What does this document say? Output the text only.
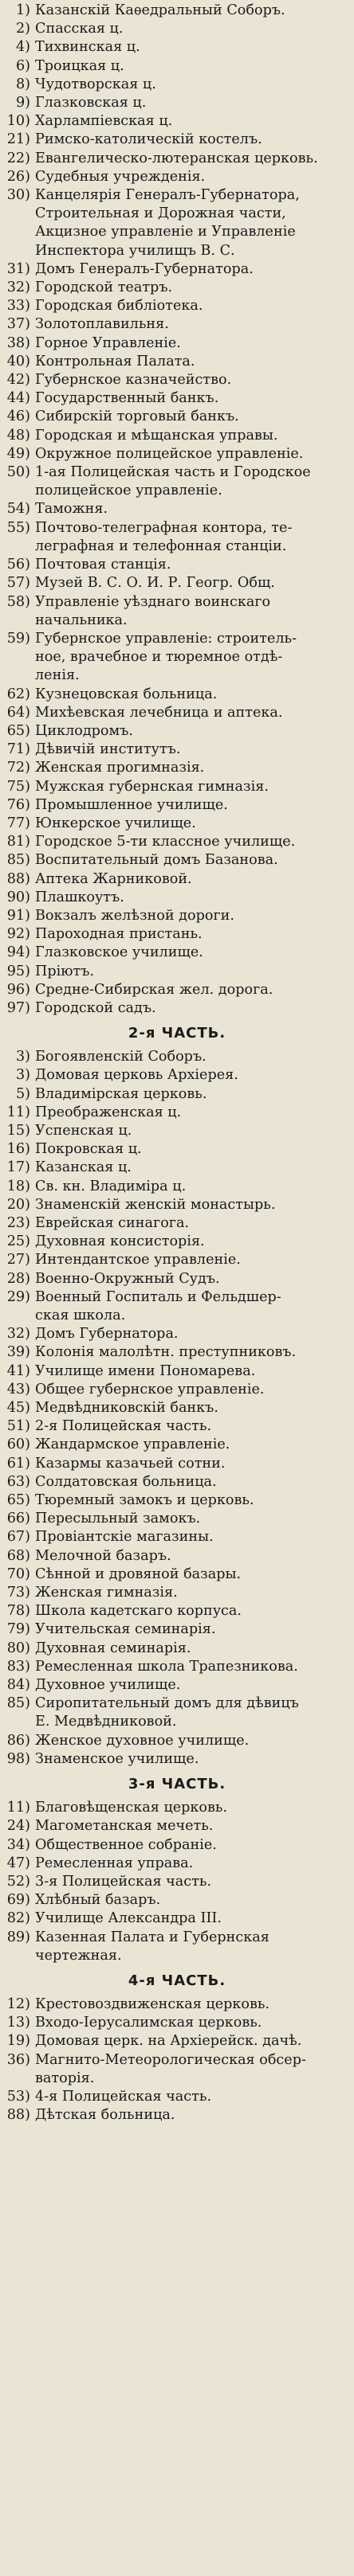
1) Казанскій Каѳедральный Соборъ.
2) Спасская ц.
4) Тихвинская ц.
6) Троицкая ц.
8) Чудотворская ц.
9) Глазковская ц.
10) Харлампіевская ц.
21) Римско-католическій костелъ.
22) Евангелическо-лютеранская церковь.
26) Судебныя учрежденія.
30) Канцелярія Генералъ-Губернатора,
Строительная и Дорожная части,
Акцизное управленіе и Управленіе
Инспектора училищъ В. С.
31) Домъ Генералъ-Губернатора.
32) Городской театръ.
33) Городская библіотека.
37) Золотоплавильня.
38) Горное Управленіе.
40) Контрольная Палата.
42) Губернское казначейство.
44) Государственный банкъ.
46) Сибирскій торговый банкъ.
48) Городская и мѣщанская управы.
49) Окружное полицейское управленіе.
50) 1-ая Полицейская часть и Городское
полицейское управленіе.
54) Таможня.
55) Почтово-телеграфная контора, те-
леграфная и телефонная станціи.
56) Почтовая станція.
57) Музей В. С. О. И. Р. Геогр. Общ.
58) Управленіе уѣзднаго воинскаго
начальника.
59) Губернское управленіе: строитель-
ное, врачебное и тюремное отдѣ-
ленія.
62) Кузнецовская больница.
64) Михѣевская лечебница и аптека.
65) Циклодромъ.
71) Дѣвичій институтъ.
72) Женская прогимназія.
75) Мужская губернская гимназія.
76) Промышленное училище.
77) Юнкерское училище.
81) Городское 5-ти классное училище.
85) Воспитательный домъ Базанова.
88) Аптека Жарниковой.
90) Плашкоутъ.
91) Вокзалъ желѣзной дороги.
92) Пароходная пристань.
94) Глазковское училище.
95) Пріютъ.
96) Средне-Сибирская жел. дорога.
97) Городской садъ.
2-я ЧАСТЬ.
3) Богоявленскій Соборъ.
3) Домовая церковь Архіерея.
5) Владимірская церковь.
11) Преображенская ц.
15) Успенская ц.
16) Покровская ц.
17) Казанская ц.
18) Св. кн. Владиміра ц.
20) Знаменскій женскій монастырь.
23) Еврейская синагога.
25) Духовная консисторія.
27) Интендантское управленіе.
28) Военно-Окружный Судъ.
29) Военный Госпиталь и Фельдшер-
ская школа.
32) Домъ Губернатора.
39) Колонія малолѣтн. преступниковъ.
41) Училище имени Пономарева.
43) Общее губернское управленіе.
45) Медвѣдниковскій банкъ.
51) 2-я Полицейская часть.
60) Жандармское управленіе.
61) Казармы казачьей сотни.
63) Солдатовская больница.
65) Тюремный замокъ и церковь.
66) Пересыльный замокъ.
67) Провіантскіе магазины.
68) Мелочной базаръ.
70) Сѣнной и дровяной базары.
73) Женская гимназія.
78) Школа кадетскаго корпуса.
79) Учительская семинарія.
80) Духовная семинарія.
83) Ремесленная школа Трапезникова.
84) Духовное училище.
85) Сиропитательный домъ для дѣвицъ
Е. Медвѣдниковой.
86) Женское духовное училище.
98) Знаменское училище.
3-я ЧАСТЬ.
11) Благовѣщенская церковь.
24) Магометанская мечеть.
34) Общественное собраніе.
47) Ремесленная управа.
52) 3-я Полицейская часть.
69) Хлѣбный базаръ.
82) Училище Александра III.
89) Казенная Палата и Губернская
чертежная.
4-я ЧАСТЬ.
12) Крестовоздвиженская церковь.
13) Входо-Іерусалимская церковь.
19) Домовая церк. на Архіерейск. дачѣ.
36) Магнито-Метеорологическая обсер-
ваторія.
53) 4-я Полицейская часть.
88) Дѣтская больница.
